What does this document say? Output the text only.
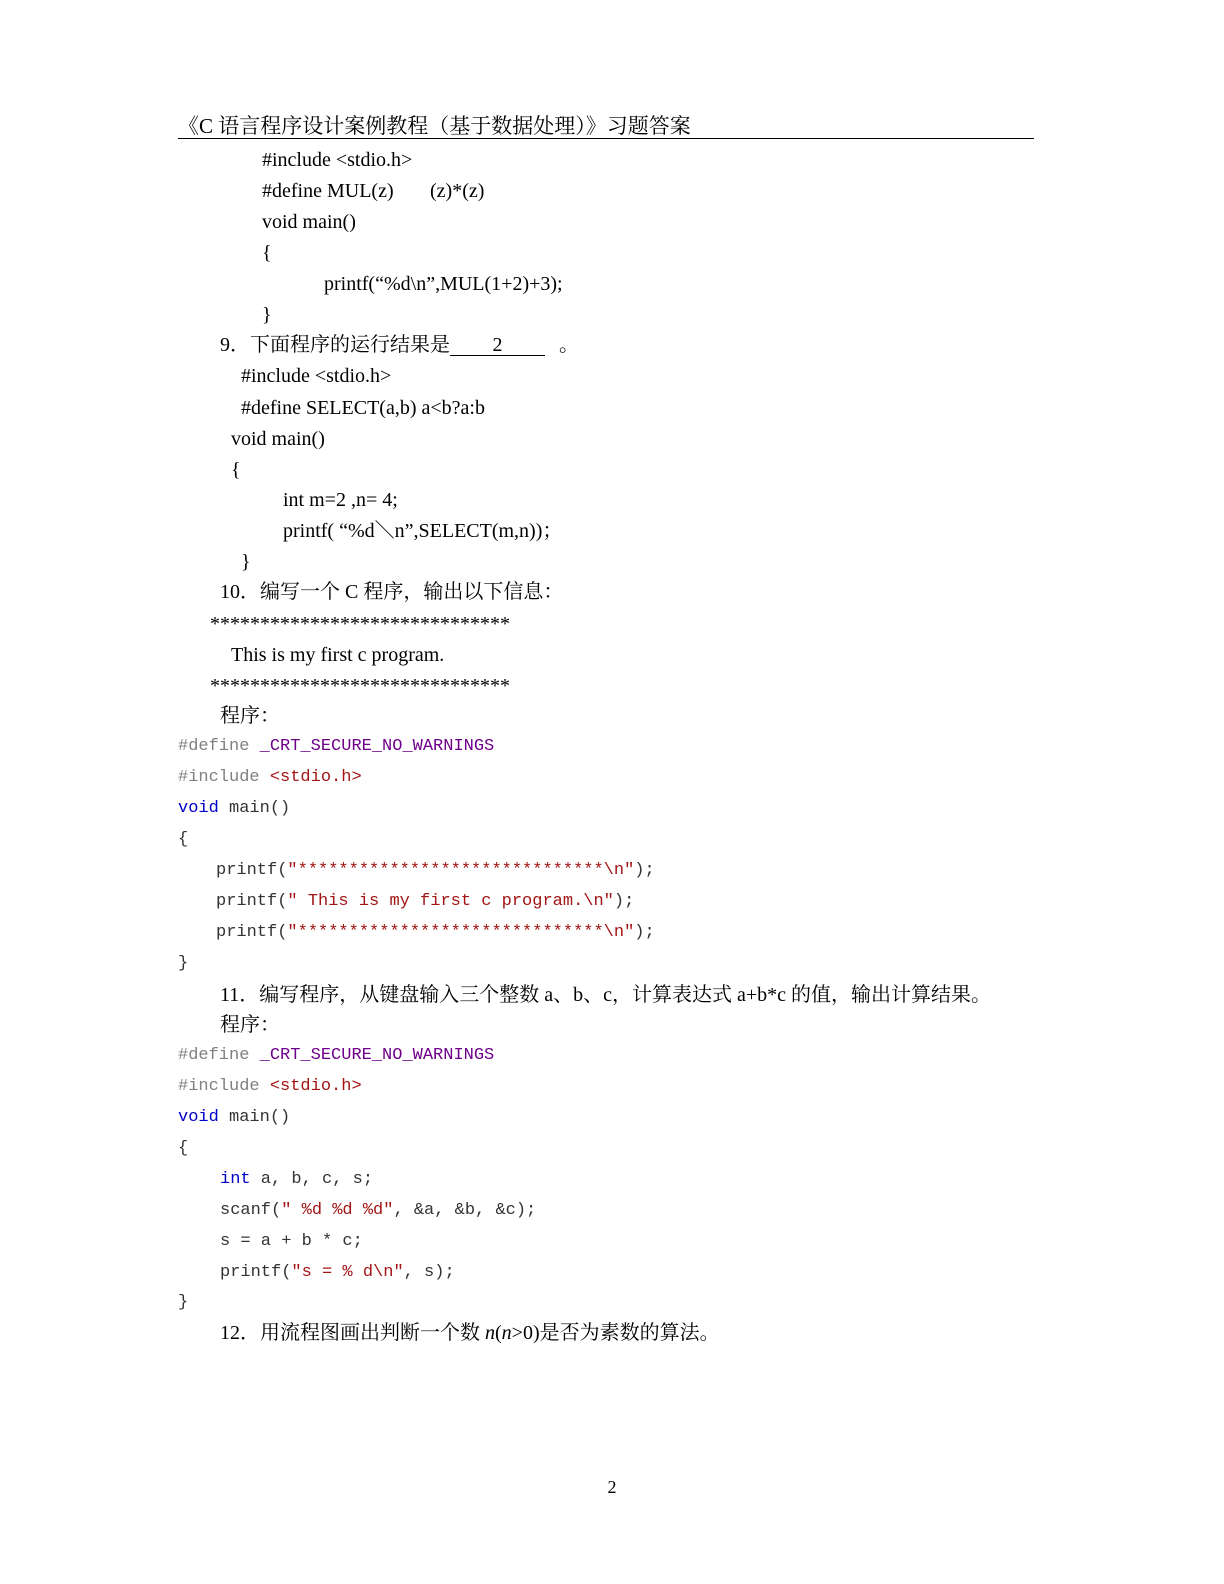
《C 语言程序设计案例教程（基于数据处理）》习题答案
#include <stdio.h>
#define MUL(z) (z)*(z)
void main()
{
printf(“%d\n”,MUL(1+2)+3);
}
9．下面程序的运行结果是 2	。
#include <stdio.h>
#define SELECT(a,b) a<b?a:b
void main()
{
int m=2 ,n= 4;
printf( “%d＼n”,SELECT(m,n))；
}
10．编写一个 C 程序，输出以下信息：
******************************
This is my first c program.
******************************
程序：
#define _CRT_SECURE_NO_WARNINGS
#include <stdio.h>
void main()
{
printf("******************************\n");
printf(" This is my first c program.\n");
printf("******************************\n");
}
11．编写程序，从键盘输入三个整数 a、b、c，计算表达式 a+b*c 的值，输出计算结果。
程序：
#define _CRT_SECURE_NO_WARNINGS
#include <stdio.h>
void main()
{
int a, b, c, s;
scanf(" %d %d %d", &a, &b, &c);
s = a + b * c;
printf("s = % d\n", s);
}
12．用流程图画出判断一个数 n(n>0)是否为素数的算法。
2
